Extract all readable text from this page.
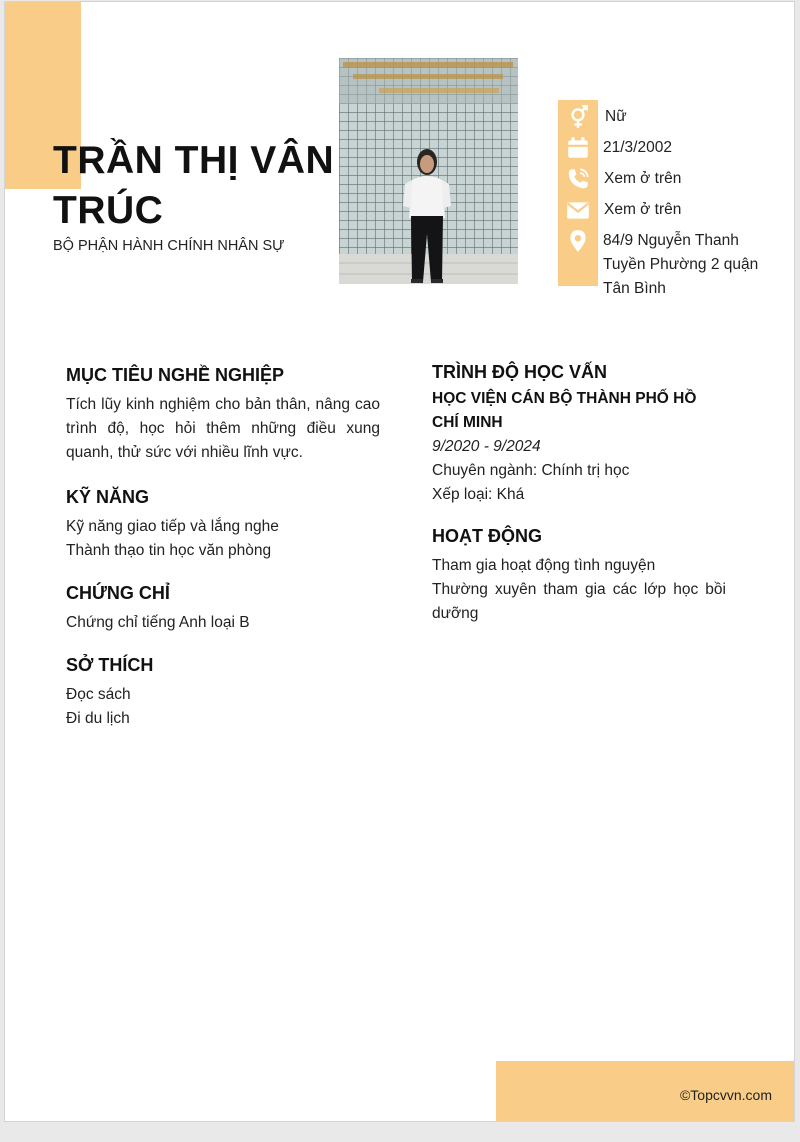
TRẦN THỊ VÂN TRÚC
BỘ PHẬN HÀNH CHÍNH NHÂN SỰ
Nữ
21/3/2002
Xem ở trên
Xem ở trên
84/9 Nguyễn Thanh Tuyền Phường 2 quận Tân Bình
MỤC TIÊU NGHỀ NGHIỆP
Tích lũy kinh nghiệm cho bản thân, nâng cao trình độ, học hỏi thêm những điều xung quanh, thử sức với nhiều lĩnh vực.
KỸ NĂNG
Kỹ năng giao tiếp và lắng nghe
Thành thạo tin học văn phòng
CHỨNG CHỈ
Chứng chỉ tiếng Anh loại B
SỞ THÍCH
Đọc sách
Đi du lịch
TRÌNH ĐỘ HỌC VẤN
HỌC VIỆN CÁN BỘ THÀNH PHỐ HỒ CHÍ MINH
9/2020 - 9/2024
Chuyên ngành: Chính trị học
Xếp loại: Khá
HOẠT ĐỘNG
Tham gia hoạt động tình nguyện
Thường xuyên tham gia các lớp học bồi dưỡng
©Topcvvn.com
